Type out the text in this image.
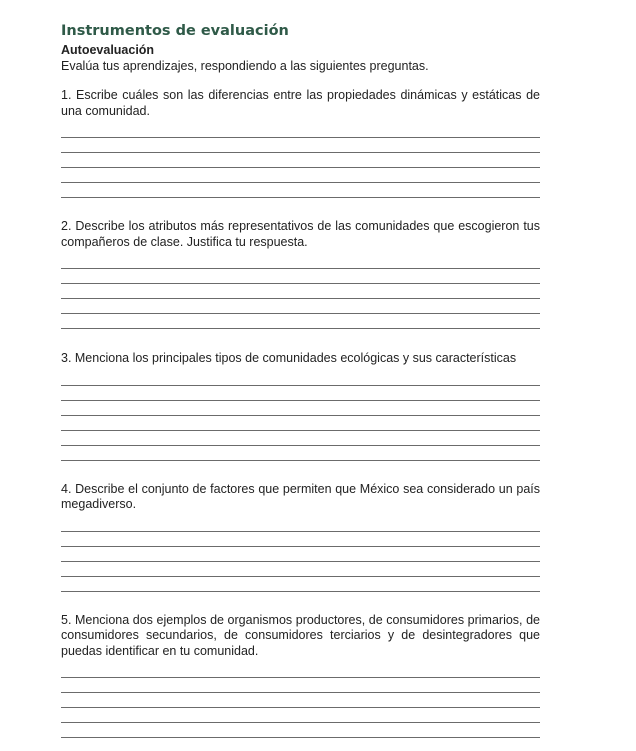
Instrumentos de evaluación
Autoevaluación
Evalúa tus aprendizajes, respondiendo a las siguientes preguntas.
1. Escribe cuáles son las diferencias entre las propiedades dinámicas y estáticas de una comunidad.
2. Describe los atributos más representativos de las comunidades que escogieron tus compañeros de clase. Justifica tu respuesta.
3. Menciona los principales tipos de comunidades ecológicas y sus características
4. Describe el conjunto de factores que permiten que México sea considerado un país megadiverso.
5. Menciona dos ejemplos de organismos productores, de consumidores primarios, de consumidores secundarios, de consumidores terciarios y de desintegradores que puedas identificar en tu comunidad.
